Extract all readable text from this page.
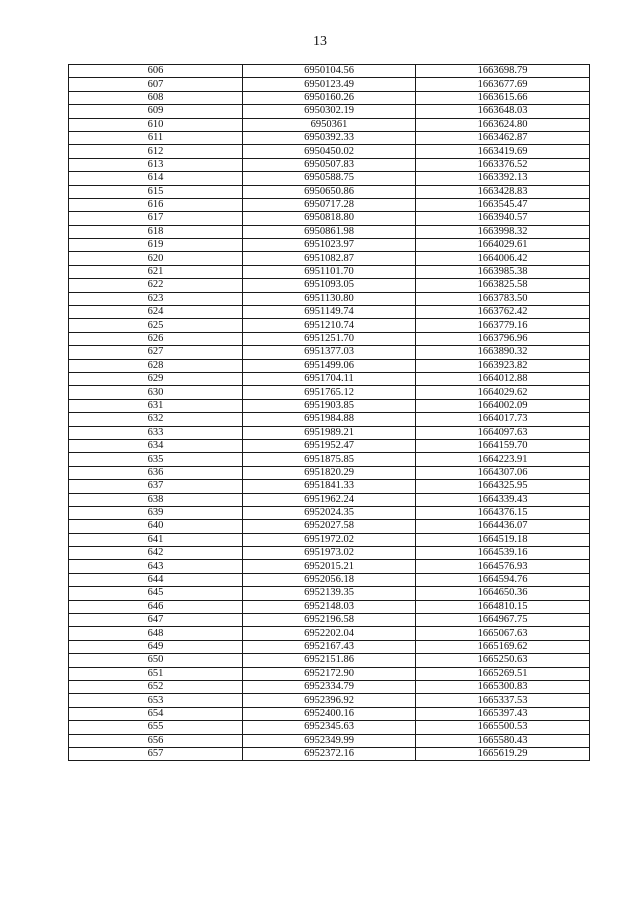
13
606	6950104.56	1663698.79
607	6950123.49	1663677.69
608	6950160.26	1663615.66
609	6950302.19	1663648.03
610	6950361	1663624.80
611	6950392.33	1663462.87
612	6950450.02	1663419.69
613	6950507.83	1663376.52
614	6950588.75	1663392.13
615	6950650.86	1663428.83
616	6950717.28	1663545.47
617	6950818.80	1663940.57
618	6950861.98	1663998.32
619	6951023.97	1664029.61
620	6951082.87	1664006.42
621	6951101.70	1663985.38
622	6951093.05	1663825.58
623	6951130.80	1663783.50
624	6951149.74	1663762.42
625	6951210.74	1663779.16
626	6951251.70	1663796.96
627	6951377.03	1663890.32
628	6951499.06	1663923.82
629	6951704.11	1664012.88
630	6951765.12	1664029.62
631	6951903.85	1664002.09
632	6951984.88	1664017.73
633	6951989.21	1664097.63
634	6951952.47	1664159.70
635	6951875.85	1664223.91
636	6951820.29	1664307.06
637	6951841.33	1664325.95
638	6951962.24	1664339.43
639	6952024.35	1664376.15
640	6952027.58	1664436.07
641	6951972.02	1664519.18
642	6951973.02	1664539.16
643	6952015.21	1664576.93
644	6952056.18	1664594.76
645	6952139.35	1664650.36
646	6952148.03	1664810.15
647	6952196.58	1664967.75
648	6952202.04	1665067.63
649	6952167.43	1665169.62
650	6952151.86	1665250.63
651	6952172.90	1665269.51
652	6952334.79	1665300.83
653	6952396.92	1665337.53
654	6952400.16	1665397.43
655	6952345.63	1665500.53
656	6952349.99	1665580.43
657	6952372.16	1665619.29
